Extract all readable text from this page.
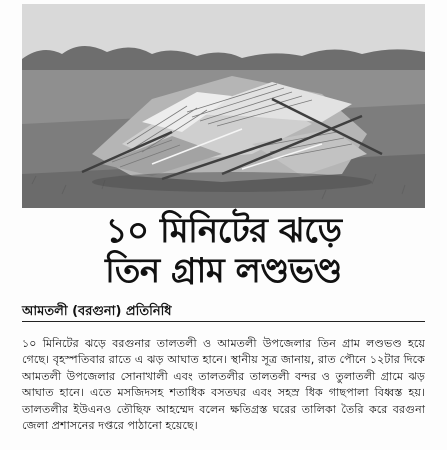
১০ মিনিটের ঝড়ে
তিন গ্রাম লণ্ডভণ্ড
আমতলী (বরগুনা) প্রতিনিধি
১০ মিনিটের ঝড়ে বরগুনার তালতলী ও আমতলী উপজেলার তিন গ্রাম লণ্ডভণ্ড হয়ে গেছে। বৃহস্পতিবার রাতে এ ঝড় আঘাত হানে। স্থানীয় সূত্র জানায়, রাত পৌনে ১২টার দিকে আমতলী উপজেলার সোনাখালী এবং তালতলীর তালতলী বন্দর ও তুলাতলী গ্রামে ঝড় আঘাত হানে। এতে মসজিদসহ শতাধিক বসতঘর এবং সহস্র ধিক গাছপালা বিধ্বস্ত হয়। তালতলীর ইউএনও তৌছিফ আহম্মেদ বলেন ক্ষতিগ্রস্ত ঘরের তালিকা তৈরি করে বরগুনা জেলা প্রশাসনের দপ্তরে পাঠানো হয়েছে।
